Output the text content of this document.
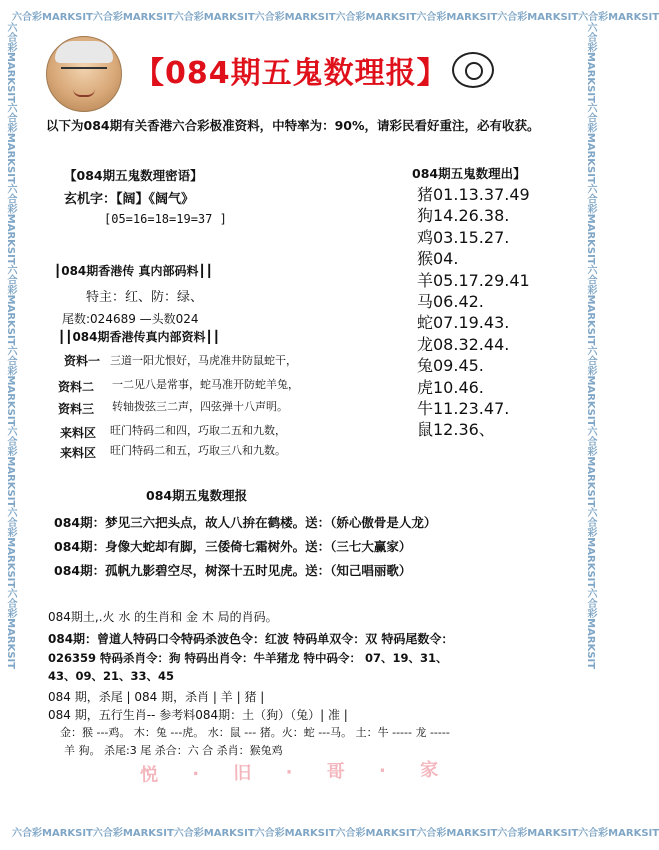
六合彩MARKSIT六合彩MARKSIT六合彩MARKSIT六合彩MARKSIT六合彩MARKSIT六合彩MARKSIT六合彩MARKSIT六合彩MARKSIT
六合彩MARKSIT六合彩MARKSIT六合彩MARKSIT六合彩MARKSIT六合彩MARKSIT六合彩MARKSIT六合彩MARKSIT六合彩MARKSIT
六合彩MARKSIT六合彩MARKSIT六合彩MARKSIT六合彩MARKSIT六合彩MARKSIT六合彩MARKSIT六合彩MARKSIT六合彩MARKSIT	六合彩MARKSIT六合彩MARKSIT六合彩MARKSIT六合彩MARKSIT六合彩MARKSIT六合彩MARKSIT六合彩MARKSIT六合彩MARKSIT
【084期五鬼数理报】
以下为084期有关香港六合彩极准资料，中特率为：90%，请彩民看好重注，必有收获。
【084期五鬼数理密语】
玄机字：【阔】《阔气》
[05=16=18=19=37 ]
┃084期香港传 真内部码料┃┃
特主：红、防：绿、
尾数:024689 —头数024
┃┃084期香港传真内部资料┃┃
资料一 三道一阳尤恨好，马虎准井防鼠蛇干，
资料二 一二见八是常事，蛇马准开防蛇羊兔，
资料三 转轴拨弦三二声，四弦弹十八声明。
来料区 旺门特码二和四，巧取二五和九数，
来料区 旺门特码二和五，巧取三八和九数。
084期五鬼数理出】
猪01.13.37.49
狗14.26.38.
鸡03.15.27.
猴04.
羊05.17.29.41
马06.42.
蛇07.19.43.
龙08.32.44.
兔09.45.
虎10.46.
牛11.23.47.
鼠12.36、
084期五鬼数理报
084期：梦见三六把头点，故人八拚在鹤楼。送：（娇心傲骨是人龙）
084期：身像大蛇却有脚，三倭倚七霜树外。送：（三七大赢家）
084期：孤帆九影碧空尽，树深十五时见虎。送：（知己唱丽歌）
084期土,.火 水 的生肖和 金 木 局的肖码。
084期：曾道人特码口令特码杀波色令：红波 特码单双令：双 特码尾数令：
026359 特码杀肖令：狗 特码出肖令：牛羊猪龙 特中码令： 07、19、31、
43、09、21、33、45
084 期，杀尾 | 084 期，杀肖 | 羊 | 猪 |
084 期，五行生肖-- 参考料084期：土（狗）（兔）| 准 |
金：猴 ---鸡。 木：兔 ---虎。 水：鼠 --- 猪。火：蛇 ---马。 土：牛 ----- 龙 -----
羊 狗。 杀尾:3 尾 杀合：六 合 杀肖：猴兔鸡
悦 · 旧 · 哥 · 家
